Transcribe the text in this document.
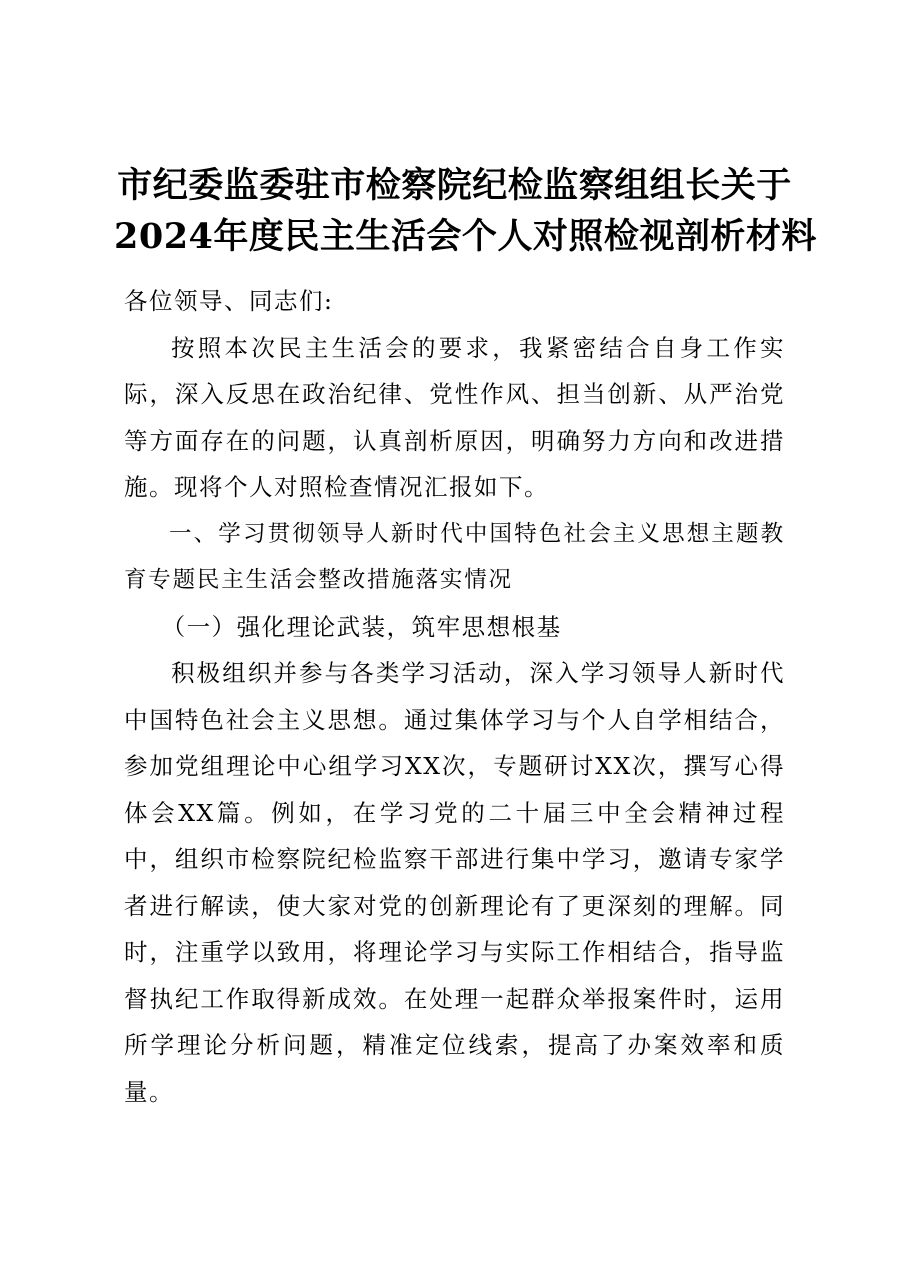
市纪委监委驻市检察院纪检监察组组长关于
2024年度民主生活会个人对照检视剖析材料

各位领导、同志们:

按照本次民主生活会的要求，我紧密结合自身工作实际，深入反思在政治纪律、党性作风、担当创新、从严治党等方面存在的问题，认真剖析原因，明确努力方向和改进措施。现将个人对照检查情况汇报如下。

一、学习贯彻领导人新时代中国特色社会主义思想主题教育专题民主生活会整改措施落实情况

（一）强化理论武装，筑牢思想根基

积极组织并参与各类学习活动，深入学习领导人新时代中国特色社会主义思想。通过集体学习与个人自学相结合，参加党组理论中心组学习XX次，专题研讨XX次，撰写心得体会XX篇。例如，在学习党的二十届三中全会精神过程中，组织市检察院纪检监察干部进行集中学习，邀请专家学者进行解读，使大家对党的创新理论有了更深刻的理解。同时，注重学以致用，将理论学习与实际工作相结合，指导监督执纪工作取得新成效。在处理一起群众举报案件时，运用所学理论分析问题，精准定位线索，提高了办案效率和质量。
